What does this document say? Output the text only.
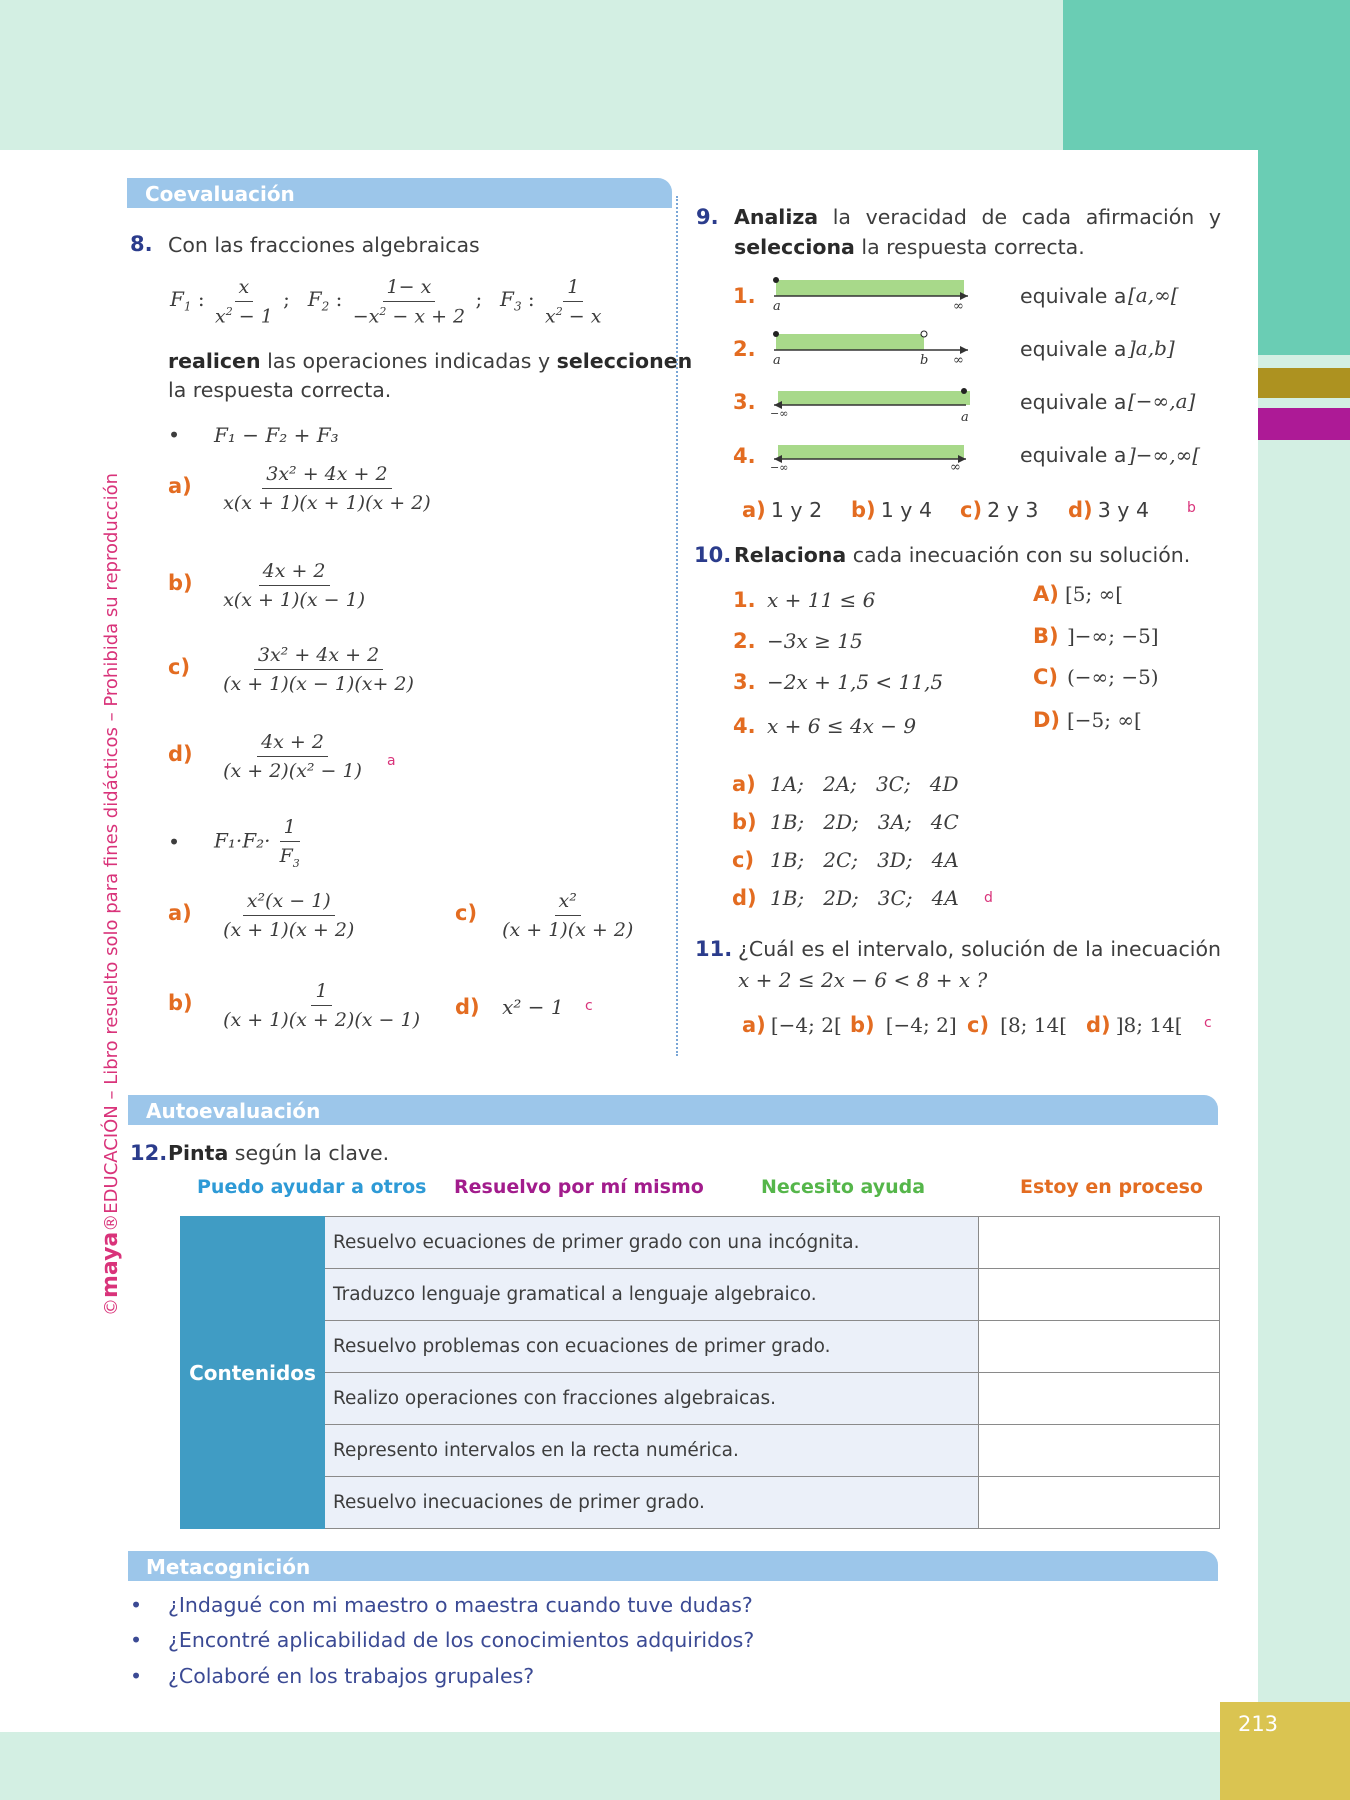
213
©maya®EDUCACIÓN – Libro resuelto solo para fines didácticos – Prohibida su reproducción
Coevaluación
8. Con las fracciones algebraicas
$F_1$ : $\frac{x}{x^2 - 1}$ ;   $F_2$ : $\frac{1- x}{-x^2 - x + 2}$ ;   $F_3$ : $\frac{1}{x^2 - x}$
realicen las operaciones indicadas y seleccionen
la respuesta correcta.
• F₁ − F₂ + F₃
$a) \frac{\text{3x² + 4x + 2}}{x(x + 1)(x + 1)(x + 2)}$
$b) \frac{4x + 2}{x(x + 1)(x - 1)}$
$c) \frac{\text{3x² + 4x + 2}}{(x + 1)(x - 1)(x+ 2)}$
$d) \frac{4x + 2}{\text{(x + 2)(x² − 1)}}$ a
• $F_1\cdot F_2\cdot \frac{1}{F_3}$
$a) \frac{\text{x²(x − 1)}}{(x + 1)(x + 2)}$	$c) \frac{\text{x²}}{(x + 1)(x + 2)}$
$b) \frac{1}{(x + 1)(x + 2)(x - 1)} d$) x² − 1 c
9. Analiza la veracidad de cada afirmación y
selecciona la respuesta correcta.
1. a	∞	equivale a [a,∞[
2. a	b ∞	equivale a ]a,b]
3. −∞	a
equivale a [−∞,a]
4. −∞	∞
equivale a ]−∞,∞[
a) 1 y 2 b) 1 y 4 c) 2 y 3 d) 3 y 4	b
10. Relaciona cada inecuación con su solución.
1. x + 11 ≤ 6
2. −3x ≥ 15
3. −2x + 1,5 < 11,5
4. x + 6 ≤ 4x − 9
A) [5; ∞[
B) ]−∞; −5]
C) (−∞; −5)
D) [−5; ∞[
a) 1A;   2A;   3C;   4D
b) 1B;   2D;   3A;   4C
c) 1B;   2C;   3D;   4A
d) 1B;   2D;   3C;   4A d
11. ¿Cuál es el intervalo, solución de la inecuación
x + 2 ≤ 2x − 6 < 8 + x ?
a) [−4; 2[ b) [−4; 2] c) [8; 14[ d) ]8; 14[ c
Autoevaluación
12. Pinta según la clave.
Puedo ayudar a otros Resuelvo por mí mismo	Necesito ayuda	Estoy en proceso
Contenidos	Resuelvo ecuaciones de primer grado con una incógnita.	
	Traduzco lenguaje gramatical a lenguaje algebraico.	
	Resuelvo problemas con ecuaciones de primer grado.	
	Realizo operaciones con fracciones algebraicas.	
	Represento intervalos en la recta numérica.	
	Resuelvo inecuaciones de primer grado.	
Metacognición
• ¿Indagué con mi maestro o maestra cuando tuve dudas?
• ¿Encontré aplicabilidad de los conocimientos adquiridos?
• ¿Colaboré en los trabajos grupales?
